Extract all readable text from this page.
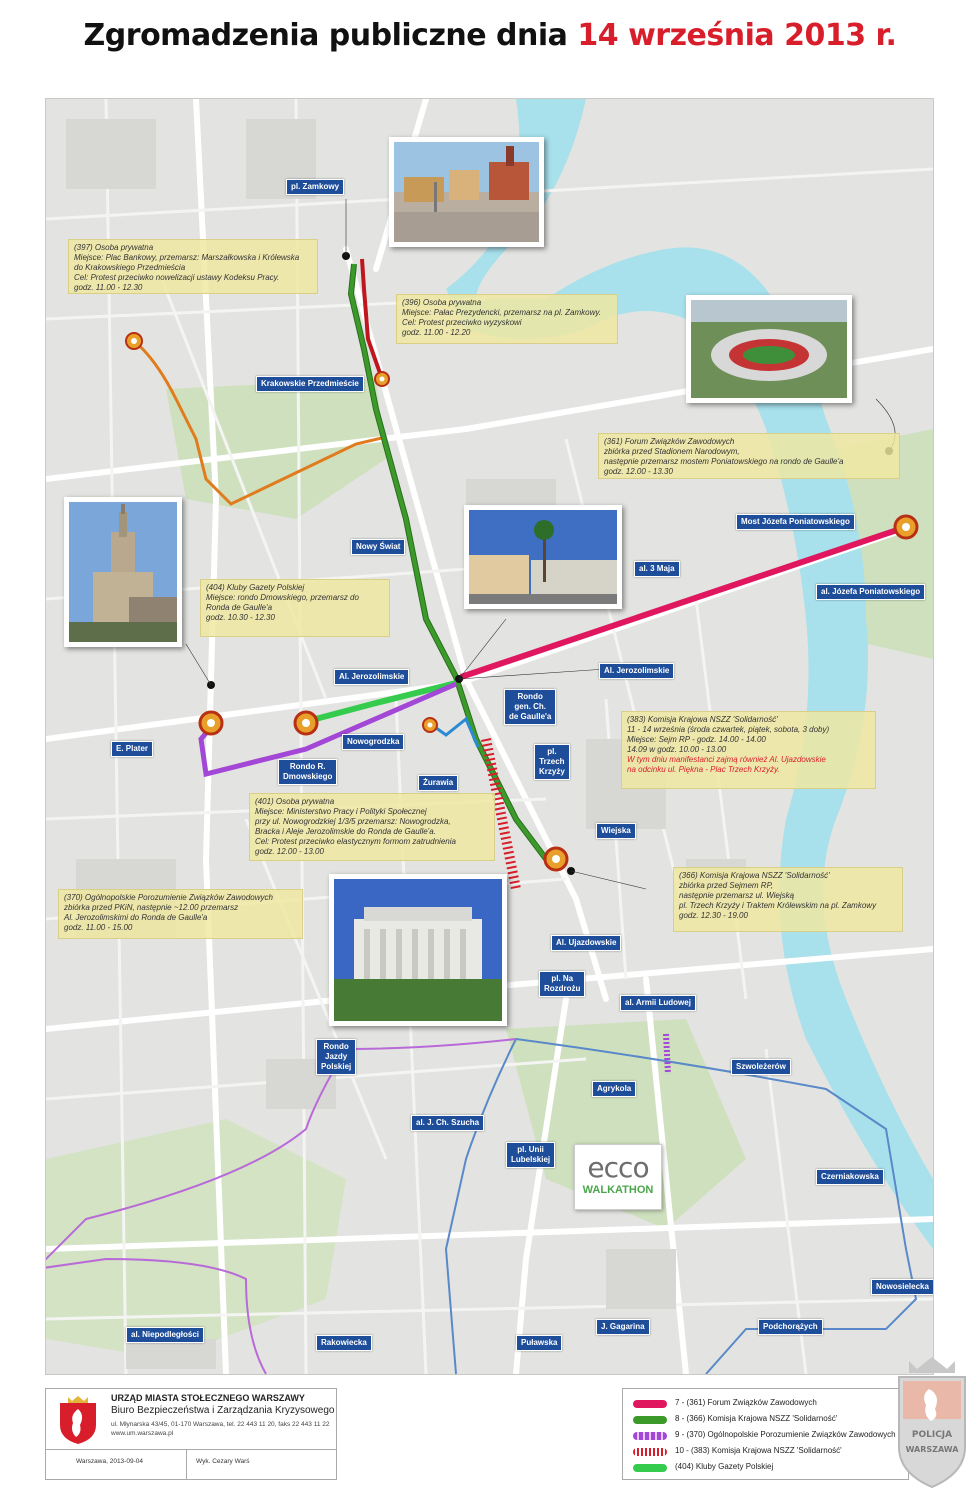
Zgromadzenia publiczne dnia 14 września 2013 r.
ecco
WALKATHON
(397) Osoba prywatna
Miejsce: Plac Bankowy, przemarsz: Marszałkowska i Królewska
do Krakowskiego Przedmieścia
Cel: Protest przeciwko nowelizacji ustawy Kodeksu Pracy.
godz. 11.00 - 12.30
(396) Osoba prywatna
Miejsce: Pałac Prezydencki, przemarsz na pl. Zamkowy.
Cel: Protest przeciwko wyzyskowi
godz. 11.00 - 12.20
(361) Forum Związków Zawodowych
zbiórka przed Stadionem Narodowym,
następnie przemarsz mostem Poniatowskiego na rondo de Gaulle'a
godz. 12.00 - 13.30
(404) Kluby Gazety Polskiej
Miejsce: rondo Dmowskiego, przemarsz do
Ronda de Gaulle'a
godz. 10.30 - 12.30
(383) Komisja Krajowa NSZZ 'Solidarność'
11 - 14 września (środa czwartek, piątek, sobota, 3 doby)
Miejsce: Sejm RP - godz. 14.00 - 14.00
14.09 w godz. 10.00 - 13.00
W tym dniu manifestanci zajmą również Al. Ujazdowskie
na odcinku ul. Piękna - Plac Trzech Krzyży.
(401) Osoba prywatna
Miejsce: Ministerstwo Pracy i Polityki Społecznej
przy ul. Nowogrodzkiej 1/3/5 przemarsz: Nowogrodzka,
Bracka i Aleje Jerozolimskie do Ronda de Gaulle'a.
Cel: Protest przeciwko elastycznym formom zatrudnienia
godz. 12.00 - 13.00
(366) Komisja Krajowa NSZZ 'Solidarność'
zbiórka przed Sejmem RP,
następnie przemarsz ul. Wiejską
pl. Trzech Krzyży i Traktem Królewskim na pl. Zamkowy
godz. 12.30 - 19.00
(370) Ogólnopolskie Porozumienie Związków Zawodowych
zbiórka przed PKiN, następnie ~12.00 przemarsz
Al. Jerozolimskimi do Ronda de Gaulle'a
godz. 11.00 - 15.00
pl. Zamkowy
Krakowskie Przedmieście
Nowy Świat
al. 3 Maja
Most Józefa Poniatowskiego
al. Józefa Poniatowskiego
Al. Jerozolimskie
Al. Jerozolimskie
Rondo
gen. Ch.
de Gaulle'a
E. Plater
Rondo R.
Dmowskiego
Nowogrodzka
Żurawia
pl.
Trzech
Krzyży
Wiejska
Al. Ujazdowskie
pl. Na
Rozdrożu
al. Armii Ludowej
Rondo
Jazdy
Polskiej
Agrykola
Szwoleżerów
al. J. Ch. Szucha
pl. Unii
Lubelskiej
Czerniakowska
Nowosielecka
al. Niepodległości
Rakowiecka	Puławska
J. Gagarina	Podchorążych
URZĄD MIASTA STOŁECZNEGO WARSZAWY
Biuro Bezpieczeństwa i Zarządzania Kryzysowego
ul. Młynarska 43/45, 01-170 Warszawa, tel. 22 443 11 20, faks 22 443 11 22
www.um.warszawa.pl
Warszawa, 2013-09-04	Wyk. Cezary Warś
7 - (361) Forum Związków Zawodowych
8 - (366) Komisja Krajowa NSZZ 'Solidarność'
9 - (370) Ogólnopolskie Porozumienie Związków Zawodowych
10 - (383) Komisja Krajowa NSZZ 'Solidarność'
(404) Kluby Gazety Polskiej
POLICJA
WARSZAWA
